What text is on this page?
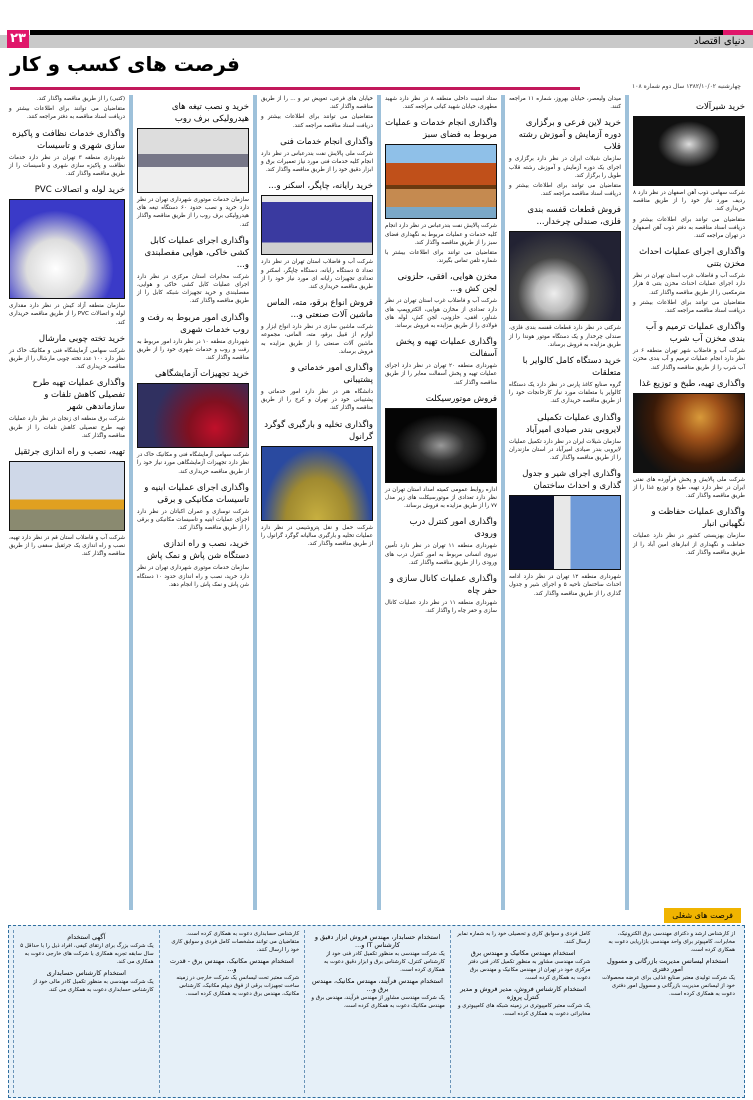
۲۳	دنیای اقتصاد
فرصت های کسب و کار
چهارشنبه ۱۳۸۲/۱۰/۰۲ سال دوم شماره ۱۰۸
خرید شیرآلات

شرکت سهامی ذوب آهن اصفهان در نظر دارد ۸ ردیف مورد نیاز خود را از طریق مناقصه خریداری کند.

متقاضیان می توانند برای اطلاعات بیشتر و دریافت اسناد مناقصه به دفتر ذوب آهن اصفهان در تهران مراجعه کنند.

واگذاری اجرای عملیات احداث مخزن بتنی

شرکت آب و فاضلاب غرب استان تهران در نظر دارد اجرای عملیات احداث مخزن بتنی ۵ هزار مترمکعبی را از طریق مناقصه واگذار کند.

متقاضیان می توانند برای اطلاعات بیشتر و دریافت اسناد مناقصه مراجعه کنند.

واگذاری عملیات ترمیم و آب بندی مخزن آب شرب

شرکت آب و فاضلاب شهر تهران منطقه ۶ در نظر دارد انجام عملیات ترمیم و آب بندی مخزن آب شرب را از طریق مناقصه واگذار کند.

واگذاری تهیه، طبخ و توزیع غذا

شرکت ملی پالایش و پخش فرآورده های نفتی ایران در نظر دارد تهیه، طبخ و توزیع غذا را از طریق مناقصه واگذار کند.

واگذاری عملیات حفاظت و نگهبانی انبار

سازمان بهزیستی کشور در نظر دارد عملیات حفاظت و نگهداری از انبارهای امین آباد را از طریق مناقصه واگذار کند.

میدان ولیعصر، خیابان بهروز، شماره ۱۱ مراجعه کنند.

خرید لاین فرعی و برگزاری دوره آزمایش و آموزش رشته قلاب

سازمان شیلات ایران در نظر دارد برگزاری و اجرای یک دوره آزمایش و آموزش رشته قلاب طویل را برگزار کند.

متقاضیان می توانند برای اطلاعات بیشتر و دریافت اسناد مناقصه مراجعه کنند.

فروش قطعات قفسه بندی فلزی، صندلی چرخدار...

شرکتی در نظر دارد قطعات قفسه بندی فلزی، صندلی چرخدار و یک دستگاه موتور هوندا را از طریق مزایده به فروش برساند.

خرید دستگاه کامل کالوایر با متعلقات

گروه صنایع کاغذ پارس در نظر دارد یک دستگاه کالوایر با متعلقات مورد نیاز کارخانجات خود را از طریق مناقصه خریداری کند.

واگذاری عملیات تکمیلی لایروبی بندر صیادی امیرآباد

سازمان شیلات ایران در نظر دارد تکمیل عملیات لایروبی بندر صیادی امیرآباد در استان مازندران را از طریق مناقصه واگذار کند.

واگذاری اجرای شیر و جدول گذاری و احداث ساختمان

شهرداری منطقه ۱۲ تهران در نظر دارد ادامه احداث ساختمان ناحیه ۵ و اجرای شیر و جدول گذاری را از طریق مناقصه واگذار کند.

ستاد امنیت داخلی منطقه ۸ در نظر دارد شهید مطهری، خیابان شهید کیانی مراجعه کنند.

واگذاری انجام خدمات و عملیات مربوط به فضای سبز

شرکت پالایش نفت بندرعباس در نظر دارد انجام کلیه خدمات و عملیات مربوط به نگهداری فضای سبز را از طریق مناقصه واگذار کند.

متقاضیان می توانند برای اطلاعات بیشتر با شماره تلفن تماس بگیرند.

مخزن هوایی، افقی، حلزونی لجن کش و...

شرکت آب و فاضلاب غرب استان تهران در نظر دارد تعدادی از مخازن هوایی، الکتروپمپ های شناور، افقی، حلزونی، لجن کش، لوله های فولادی را از طریق مزایده به فروش برساند.

واگذاری عملیات تهیه و پخش آسفالت

شهرداری منطقه ۲۰ تهران در نظر دارد اجرای عملیات تهیه و پخش آسفالت معابر را از طریق مناقصه واگذار کند.

فروش موتورسیکلت

اداره روابط عمومی کمیته امداد استان تهران در نظر دارد تعدادی از موتورسیکلت های زیر مدل ۷۷ را از طریق مزایده به فروش برساند.

واگذاری امور کنترل درب ورودی

شهرداری منطقه ۱۱ تهران در نظر دارد تأمین نیروی انسانی مربوط به امور کنترل درب های ورودی را از طریق مناقصه واگذار کند.

واگذاری عملیات کانال سازی و حفر چاه

شهرداری منطقه ۱۱ در نظر دارد عملیات کانال سازی و حفر چاه را واگذار کند.

خیابان های فرعی، تعویض تیر و ... را از طریق مناقصه واگذار کند.

متقاضیان می توانند برای اطلاعات بیشتر و دریافت اسناد مناقصه مراجعه کنند.

واگذاری انجام خدمات فنی

شرکت ملی پالایش نفت بندرعباس در نظر دارد انجام کلیه خدمات فنی مورد نیاز تعمیرات برق و ابزار دقیق خود را از طریق مناقصه واگذار کند.

خرید رایانه، چاپگر، اسکنر و...

شرکت آب و فاضلاب استان تهران در نظر دارد تعداد ۵ دستگاه رایانه، دستگاه چاپگر، اسکنر و تعدادی تجهیزات رایانه ای مورد نیاز خود را از طریق مناقصه خریداری کند.

فروش انواع برقو، مته، الماس ماشین آلات صنعتی و...

شرکت ماشین سازی در نظر دارد انواع ابزار و لوازم از قبیل برقو، مته، الماس، مجموعه ماشین آلات صنعتی را از طریق مزایده به فروش برساند.

واگذاری امور خدماتی و پشتیبانی

دانشگاه هنر در نظر دارد امور خدماتی و پشتیبانی خود در تهران و کرج را از طریق مناقصه واگذار کند.

واگذاری تخلیه و بارگیری گوگرد گرانول

شرکت حمل و نقل پتروشیمی در نظر دارد عملیات تخلیه و بارگیری سالیانه گوگرد گرانول را از طریق مناقصه واگذار کند.

خرید و نصب تیغه های هیدرولیکی برف روب

سازمان خدمات موتوری شهرداری تهران در نظر دارد خرید و نصب حدود ۶۰ دستگاه تیغه های هیدرولیکی برف روب را از طریق مناقصه واگذار کند.

واگذاری اجرای عملیات کابل کشی خاکی، هوایی مفصلبندی و...

شرکت مخابرات استان مرکزی در نظر دارد اجرای عملیات کابل کشی خاکی و هوایی، مفصلبندی و خرید تجهیزات شبکه کابل را از طریق مناقصه واگذار کند.

واگذاری امور مربوط به رفت و روب خدمات شهری

شهرداری منطقه ۱۰ در نظر دارد امور مربوط به رفت و روب و خدمات شهری خود را از طریق مناقصه واگذار کند.

خرید تجهیزات آزمایشگاهی

شرکت سهامی آزمایشگاه فنی و مکانیک خاک در نظر دارد تجهیزات آزمایشگاهی مورد نیاز خود را از طریق مناقصه خریداری کند.

واگذاری اجرای عملیات ابنیه و تاسیسات مکانیکی و برقی

شرکت نوسازی و عمران اکباتان در نظر دارد اجرای عملیات ابنیه و تاسیسات مکانیکی و برقی را از طریق مناقصه واگذار کند.

خرید، نصب و راه اندازی دستگاه شن پاش و نمک پاش

سازمان خدمات موتوری شهرداری تهران در نظر دارد خرید، نصب و راه اندازی حدود ۱۰ دستگاه شن پاش و نمک پاش را انجام دهد.

(کتبی) را از طریق مناقصه واگذار کند.

متقاضیان می توانند برای اطلاعات بیشتر و دریافت اسناد مناقصه به دفتر مراجعه کنند.

واگذاری خدمات نظافت و پاکیزه سازی شهری و تاسیسات

شهرداری منطقه ۳ تهران در نظر دارد خدمات نظافت و پاکیزه سازی شهری و تاسیسات را از طریق مناقصه واگذار کند.

خرید لوله و اتصالات PVC

سازمان منطقه آزاد کیش در نظر دارد مقداری لوله و اتصالات PVC را از طریق مناقصه خریداری کند.

خرید تخته چوبی مارشال

شرکت سهامی آزمایشگاه فنی و مکانیک خاک در نظر دارد ۱۰۰ عدد تخته چوبی مارشال را از طریق مناقصه خریداری کند.

واگذاری عملیات تهیه طرح تفصیلی کاهش تلفات و سازماندهی شهر

شرکت برق منطقه ای زنجان در نظر دارد عملیات تهیه طرح تفصیلی کاهش تلفات را از طریق مناقصه واگذار کند.

تهیه، نصب و راه اندازی جرثقیل

شرکت آب و فاضلاب استان قم در نظر دارد تهیه، نصب و راه اندازی یک جرثقیل سقفی را از طریق مناقصه واگذار کند.

فرصت های شغلی
آگهی استخدام

یک شرکت بزرگ برای ارتقای کیفی، افراد ذیل را با حداقل ۵ سال سابقه تجربه همکاری با شرکت های خارجی دعوت به همکاری می کند.

استخدام کارشناس حسابداری

یک شرکت مهندسی به منظور تکمیل کادر مالی خود از کارشناس حسابداری دعوت به همکاری می کند.

کارشناس حسابداری دعوت به همکاری کرده است. متقاضیان می توانند مشخصات کامل فردی و سوابق کاری خود را ارسال کنند.

استخدام مهندس مکانیک، مهندس برق - قدرت و...

شرکت معتبر تحت لیسانس یک شرکت خارجی در زمینه ساخت تجهیزات برقی از فوق دیپلم مکانیک، کارشناس مکانیک، مهندس برق دعوت به همکاری کرده است.

استخدام حسابدار، مهندس فروش ابزار دقیق و کارشناس IT و...

یک شرکت مهندسی به منظور تکمیل کادر فنی خود از کارشناس کنترل، کارشناس برق و ابزار دقیق دعوت به همکاری کرده است.

استخدام مهندس فرآیند، مهندس مکانیک، مهندس برق و...

یک شرکت مهندسی مشاور از مهندس فرآیند، مهندس برق و مهندس مکانیک دعوت به همکاری کرده است.

کامل فردی و سوابق کاری و تحصیلی خود را به شماره نمابر ارسال کنند.

استخدام مهندس مکانیک و مهندس برق

شرکت مهندسی مشاور به منظور تکمیل کادر فنی دفتر مرکزی خود در تهران از مهندس مکانیک و مهندس برق دعوت به همکاری کرده است.

استخدام کارشناس فروش، مدیر فروش و مدیر کنترل پروژه

یک شرکت معتبر کامپیوتری در زمینه شبکه های کامپیوتری و مخابراتی دعوت به همکاری کرده است.

از کارشناس ارشد و دکترای مهندسی برق الکترونیک، مخابرات، کامپیوتر برای واحد مهندسی بازاریابی دعوت به همکاری کرده است.

استخدام لیسانس مدیریت بازرگانی و مسوول امور دفتری

یک شرکت تولیدی معتبر صنایع غذایی برای عرضه محصولات خود از لیسانس مدیریت بازرگانی و مسوول امور دفتری دعوت به همکاری کرده است.
